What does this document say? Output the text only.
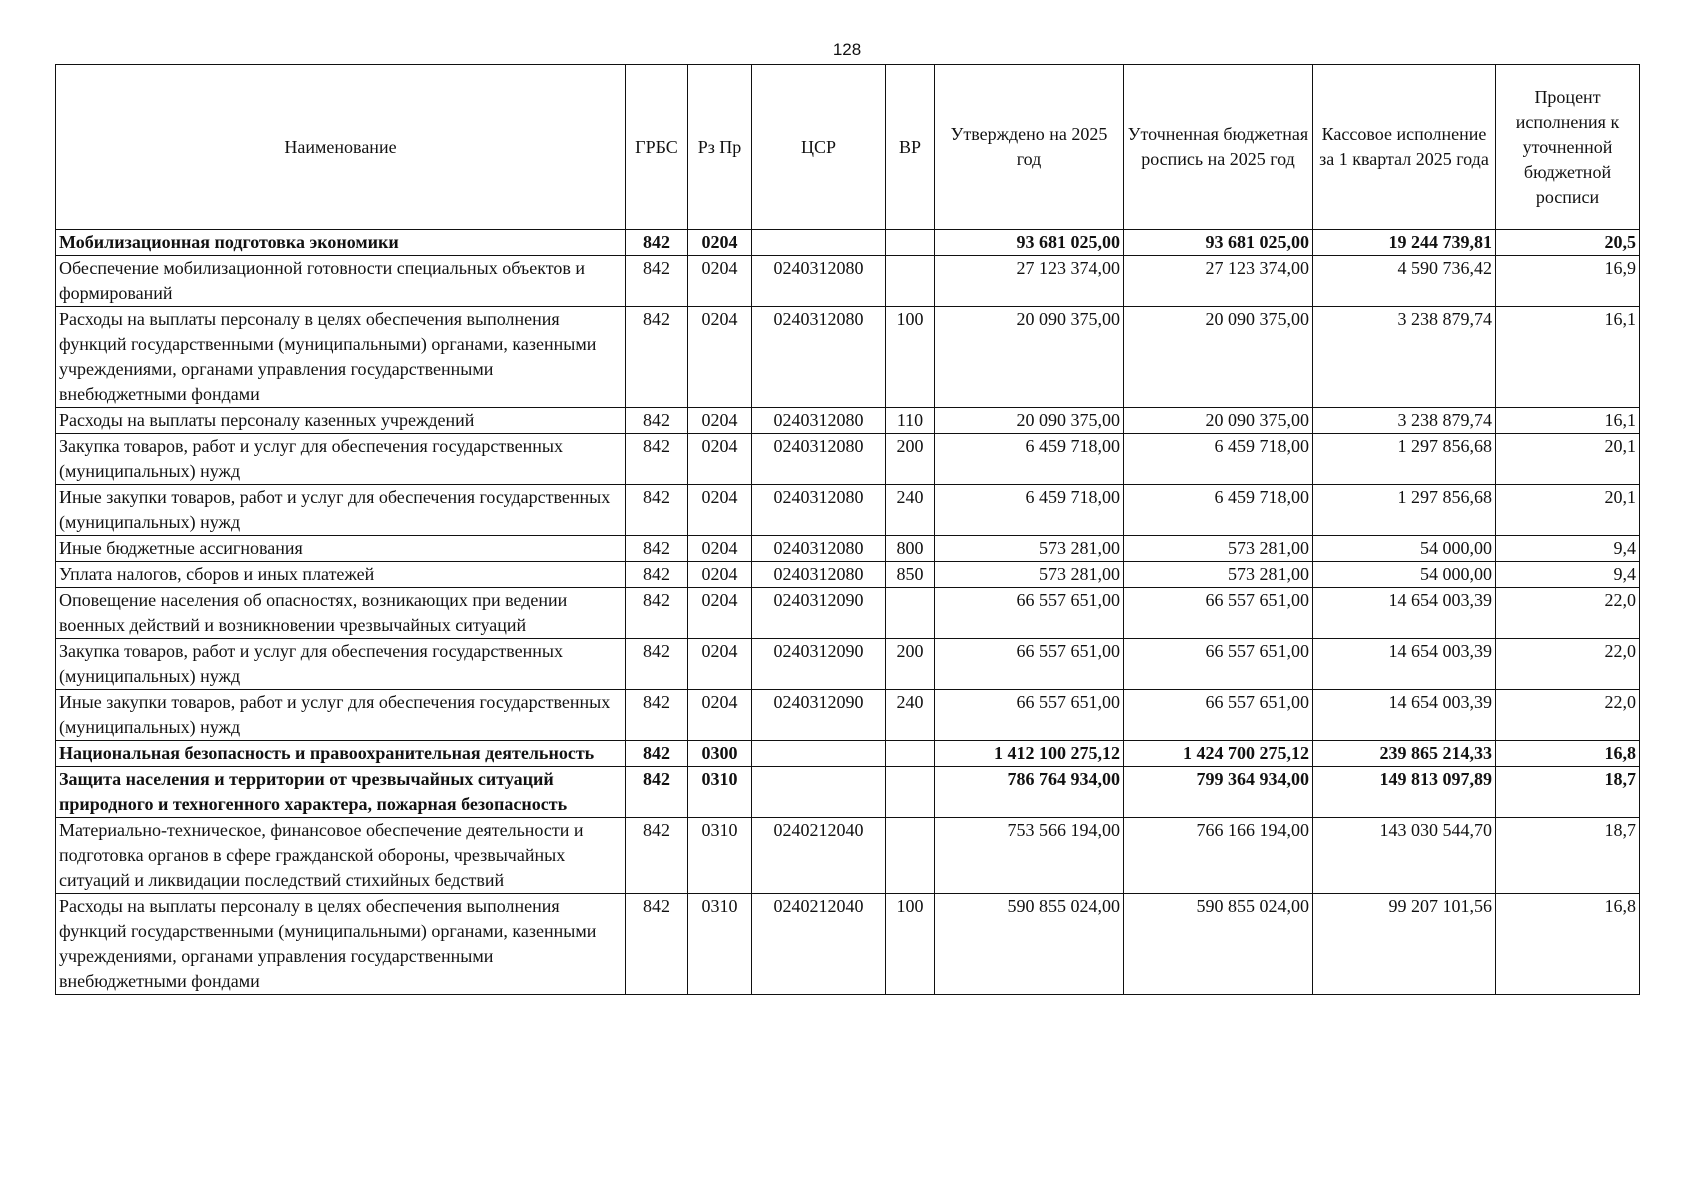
128
Наименование	ГРБС	Рз Пр	ЦСР	ВР	Утверждено на 2025 год	Уточненная бюджетная роспись на 2025 год	Кассовое исполнение за 1 квартал 2025 года	Процент исполнения к уточненной бюджетной росписи
Мобилизационная подготовка экономики	842	0204			93 681 025,00	93 681 025,00	19 244 739,81	20,5
Обеспечение мобилизационной готовности специальных объектов и формирований	842	0204	0240312080		27 123 374,00	27 123 374,00	4 590 736,42	16,9
Расходы на выплаты персоналу в целях обеспечения выполнения функций государственными (муниципальными) органами, казенными учреждениями, органами управления государственными внебюджетными фондами	842	0204	0240312080	100	20 090 375,00	20 090 375,00	3 238 879,74	16,1
Расходы на выплаты персоналу казенных учреждений	842	0204	0240312080	110	20 090 375,00	20 090 375,00	3 238 879,74	16,1
Закупка товаров, работ и услуг для обеспечения государственных (муниципальных) нужд	842	0204	0240312080	200	6 459 718,00	6 459 718,00	1 297 856,68	20,1
Иные закупки товаров, работ и услуг для обеспечения государственных (муниципальных) нужд	842	0204	0240312080	240	6 459 718,00	6 459 718,00	1 297 856,68	20,1
Иные бюджетные ассигнования	842	0204	0240312080	800	573 281,00	573 281,00	54 000,00	9,4
Уплата налогов, сборов и иных платежей	842	0204	0240312080	850	573 281,00	573 281,00	54 000,00	9,4
Оповещение населения об опасностях, возникающих при ведении военных действий и возникновении чрезвычайных ситуаций	842	0204	0240312090		66 557 651,00	66 557 651,00	14 654 003,39	22,0
Закупка товаров, работ и услуг для обеспечения государственных (муниципальных) нужд	842	0204	0240312090	200	66 557 651,00	66 557 651,00	14 654 003,39	22,0
Иные закупки товаров, работ и услуг для обеспечения государственных (муниципальных) нужд	842	0204	0240312090	240	66 557 651,00	66 557 651,00	14 654 003,39	22,0
Национальная безопасность и правоохранительная деятельность	842	0300			1 412 100 275,12	1 424 700 275,12	239 865 214,33	16,8
Защита населения и территории от чрезвычайных ситуаций природного и техногенного характера, пожарная безопасность	842	0310			786 764 934,00	799 364 934,00	149 813 097,89	18,7
Материально-техническое, финансовое обеспечение деятельности и подготовка органов в сфере гражданской обороны, чрезвычайных ситуаций и ликвидации последствий стихийных бедствий	842	0310	0240212040		753 566 194,00	766 166 194,00	143 030 544,70	18,7
Расходы на выплаты персоналу в целях обеспечения выполнения функций государственными (муниципальными) органами, казенными учреждениями, органами управления государственными внебюджетными фондами	842	0310	0240212040	100	590 855 024,00	590 855 024,00	99 207 101,56	16,8
